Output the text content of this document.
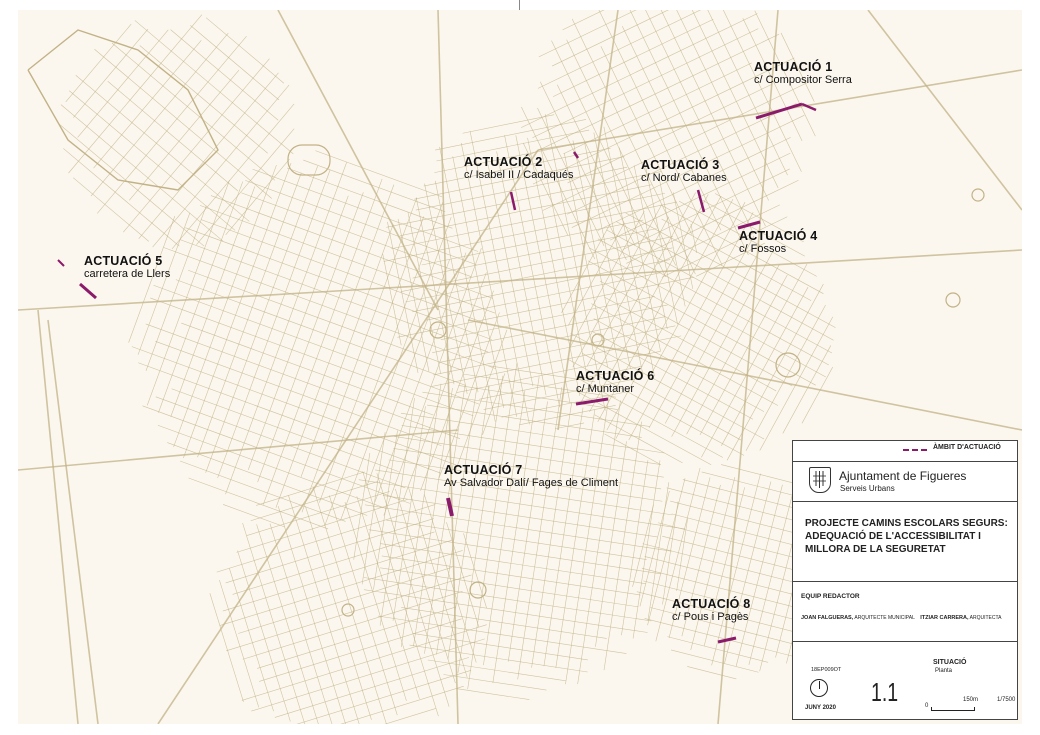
ACTUACIÓ 1
c/ Compositor Serra
ACTUACIÓ 2
c/ Isabel II / Cadaqués
ACTUACIÓ 3
c/ Nord/ Cabanes
ACTUACIÓ 4
c/ Fossos
ACTUACIÓ 5
carretera de Llers
ACTUACIÓ 6
c/ Muntaner
ACTUACIÓ 7
Av Salvador Dalí/ Fages de Climent
ACTUACIÓ 8
c/ Pous i Pagès
ÀMBIT D'ACTUACIÓ
Ajuntament de Figueres
Serveis Urbans
PROJECTE CAMINS ESCOLARS SEGURS:
ADEQUACIÓ DE L'ACCESSIBILITAT I
MILLORA DE LA SEGURETAT
EQUIP REDACTOR
JOAN FALGUERAS, ARQUITECTE MUNICIPAL ITZIAR CARRERA, ARQUITECTA
18EP009OT
JUNY 2020
1.1
SITUACIÓ
Planta
0
150m	1/7500
